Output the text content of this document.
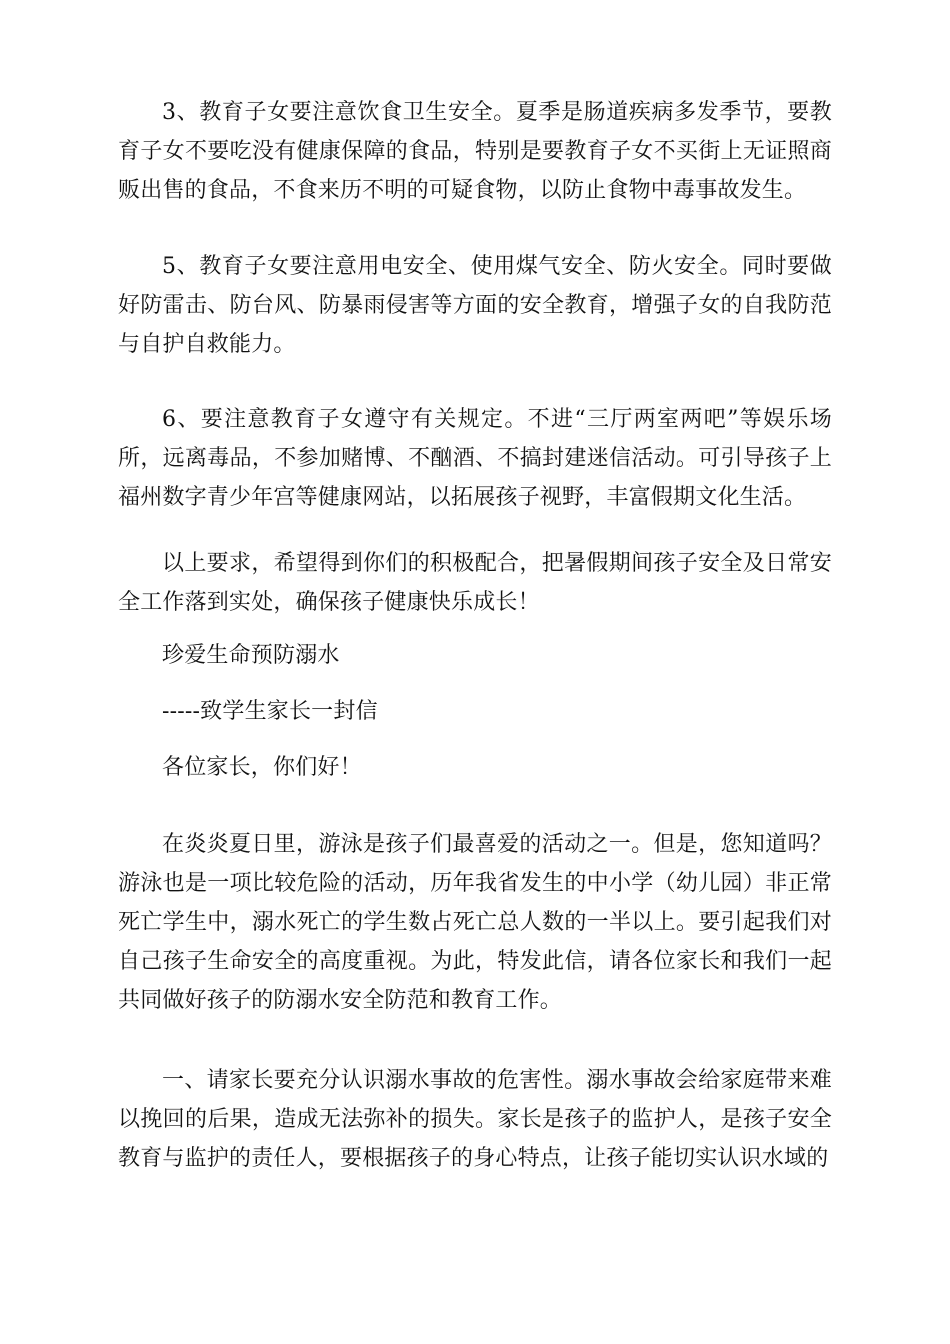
3、教育子女要注意饮食卫生安全。夏季是肠道疾病多发季节，要教育子女不要吃没有健康保障的食品，特别是要教育子女不买街上无证照商贩出售的食品，不食来历不明的可疑食物，以防止食物中毒事故发生。

5、教育子女要注意用电安全、使用煤气安全、防火安全。同时要做好防雷击、防台风、防暴雨侵害等方面的安全教育，增强子女的自我防范与自护自救能力。

6、要注意教育子女遵守有关规定。不进“三厅两室两吧”等娱乐场所，远离毒品，不参加赌博、不酗酒、不搞封建迷信活动。可引导孩子上福州数字青少年宫等健康网站，以拓展孩子视野，丰富假期文化生活。

以上要求，希望得到你们的积极配合，把暑假期间孩子安全及日常安全工作落到实处，确保孩子健康快乐成长！

珍爱生命预防溺水

-----致学生家长一封信

各位家长，你们好！

在炎炎夏日里，游泳是孩子们最喜爱的活动之一。但是，您知道吗？游泳也是一项比较危险的活动，历年我省发生的中小学（幼儿园）非正常死亡学生中，溺水死亡的学生数占死亡总人数的一半以上。要引起我们对自己孩子生命安全的高度重视。为此，特发此信，请各位家长和我们一起共同做好孩子的防溺水安全防范和教育工作。

一、请家长要充分认识溺水事故的危害性。溺水事故会给家庭带来难以挽回的后果，造成无法弥补的损失。家长是孩子的监护人，是孩子安全教育与监护的责任人，要根据孩子的身心特点，让孩子能切实认识水域的
